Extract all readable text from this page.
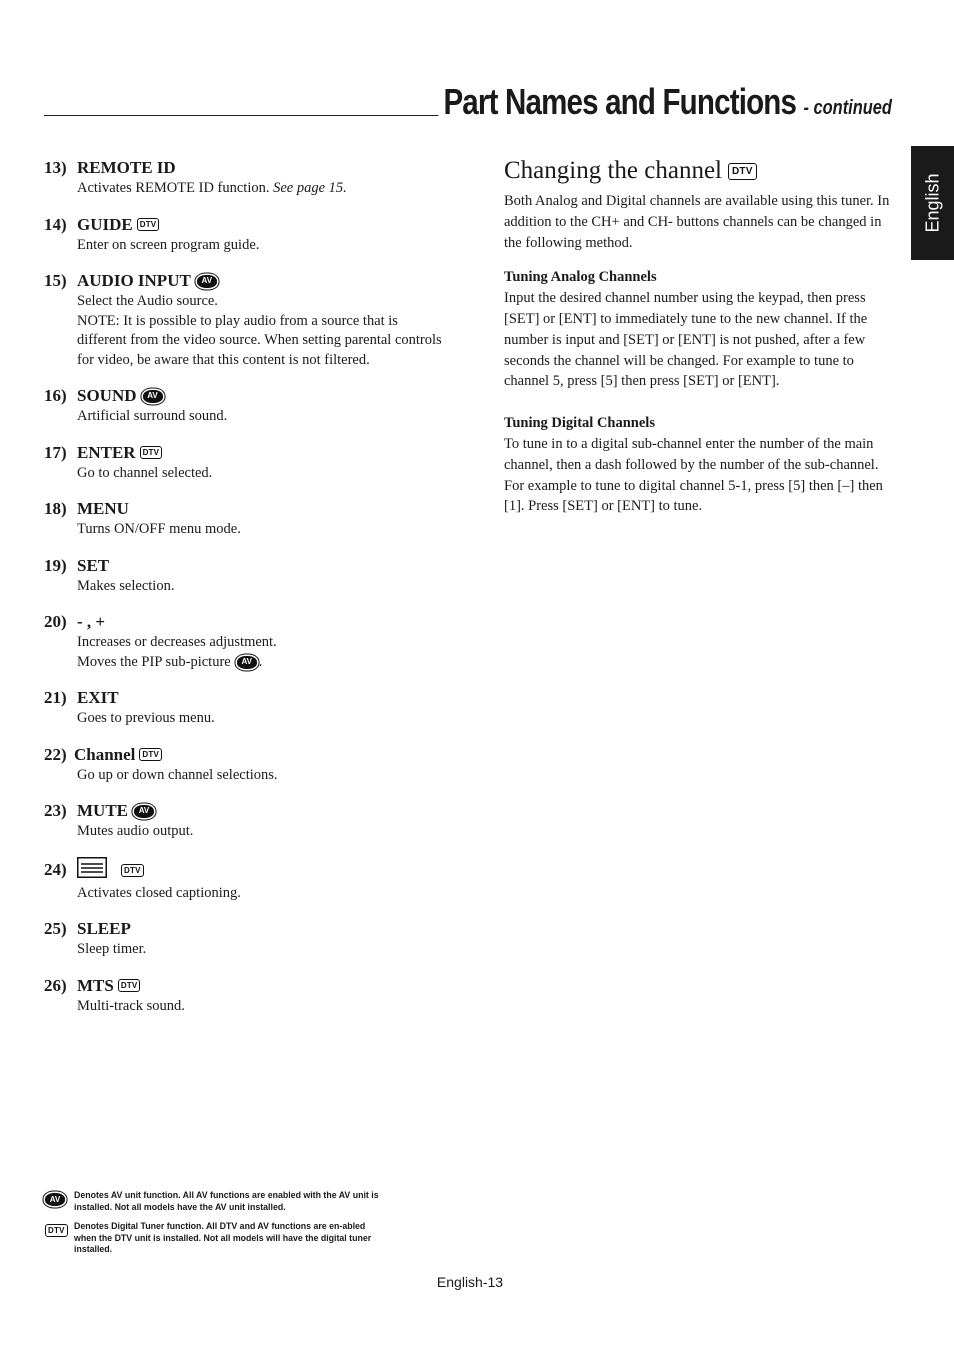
Part Names and Functions - continued
English
13) REMOTE ID
Activates REMOTE ID function. See page 15.
14) GUIDE DTV
Enter on screen program guide.
15) AUDIO INPUT	AV
Select the Audio source.
NOTE: It is possible to play audio from a source that is different from the video source. When setting parental controls for video, be aware that this content is not filtered.
16) SOUND	AV
Artificial surround sound.
17) ENTER DTV
Go to channel selected.
18) MENU
Turns ON/OFF menu mode.
19) SET
Makes selection.
20) - , +
Increases or decreases adjustment.
Moves the PIP sub-picture AV .
21) EXIT
Goes to previous menu.
22) Channel DTV
Go up or down channel selections.
23) MUTE	AV
Mutes audio output.
24)	DTV
Activates closed captioning.
25) SLEEP
Sleep timer.
26) MTS DTV
Multi-track sound.
Changing the channel	DTV

Both Analog and Digital channels are available using this tuner. In addition to the CH+ and CH- buttons channels can be changed in the following method.

Tuning Analog Channels

Input the desired channel number using the keypad, then press [SET] or [ENT] to immediately tune to the new channel. If the number is input and [SET] or [ENT] is not pushed, after a few seconds the channel will be changed. For example to tune to channel 5, press [5] then press [SET] or [ENT].

Tuning Digital Channels

To tune in to a digital sub-channel enter the number of the main channel, then a dash followed by the number of the sub-channel. For example to tune to digital channel 5-1, press [5] then [–] then [1]. Press [SET] or [ENT] to tune.

AV	Denotes AV unit function. All AV functions are enabled with the AV unit is installed. Not all models have the AV unit installed.
DTV	Denotes Digital Tuner function. All DTV and AV functions are en-abled when the DTV unit is installed. Not all models will have the digital tuner installed.
English-13
